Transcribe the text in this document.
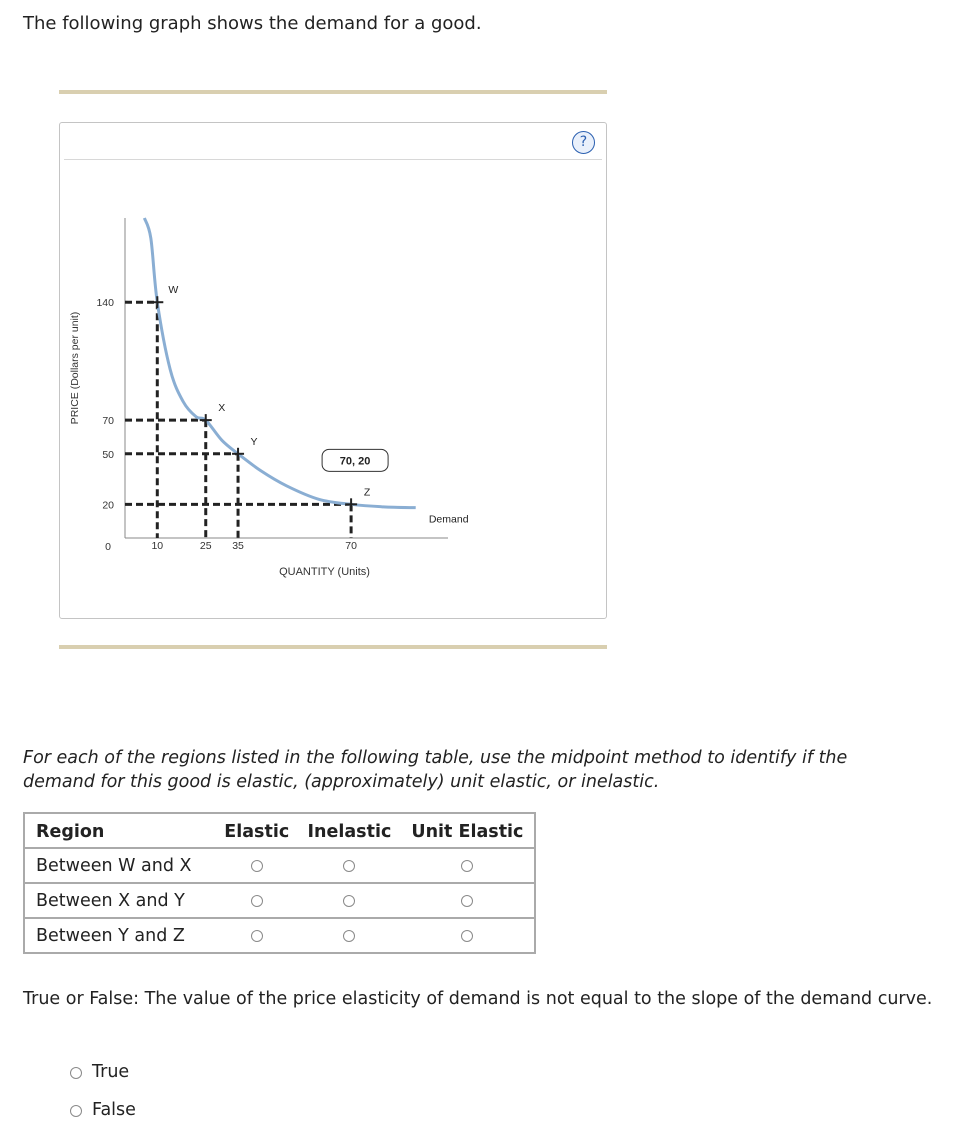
The following graph shows the demand for a good.
?
20
50
70
140
0	10	25 35	70
W
X
Y
Z
Demand
PRICE (Dollars per unit)
QUANTITY (Units)
70, 20
For each of the regions listed in the following table, use the midpoint method to identify if the demand for this good is elastic, (approximately) unit elastic, or inelastic.
Region	Elastic	Inelastic	Unit Elastic
Between W and X			
Between X and Y			
Between Y and Z			
True or False: The value of the price elasticity of demand is not equal to the slope of the demand curve.
True
False
